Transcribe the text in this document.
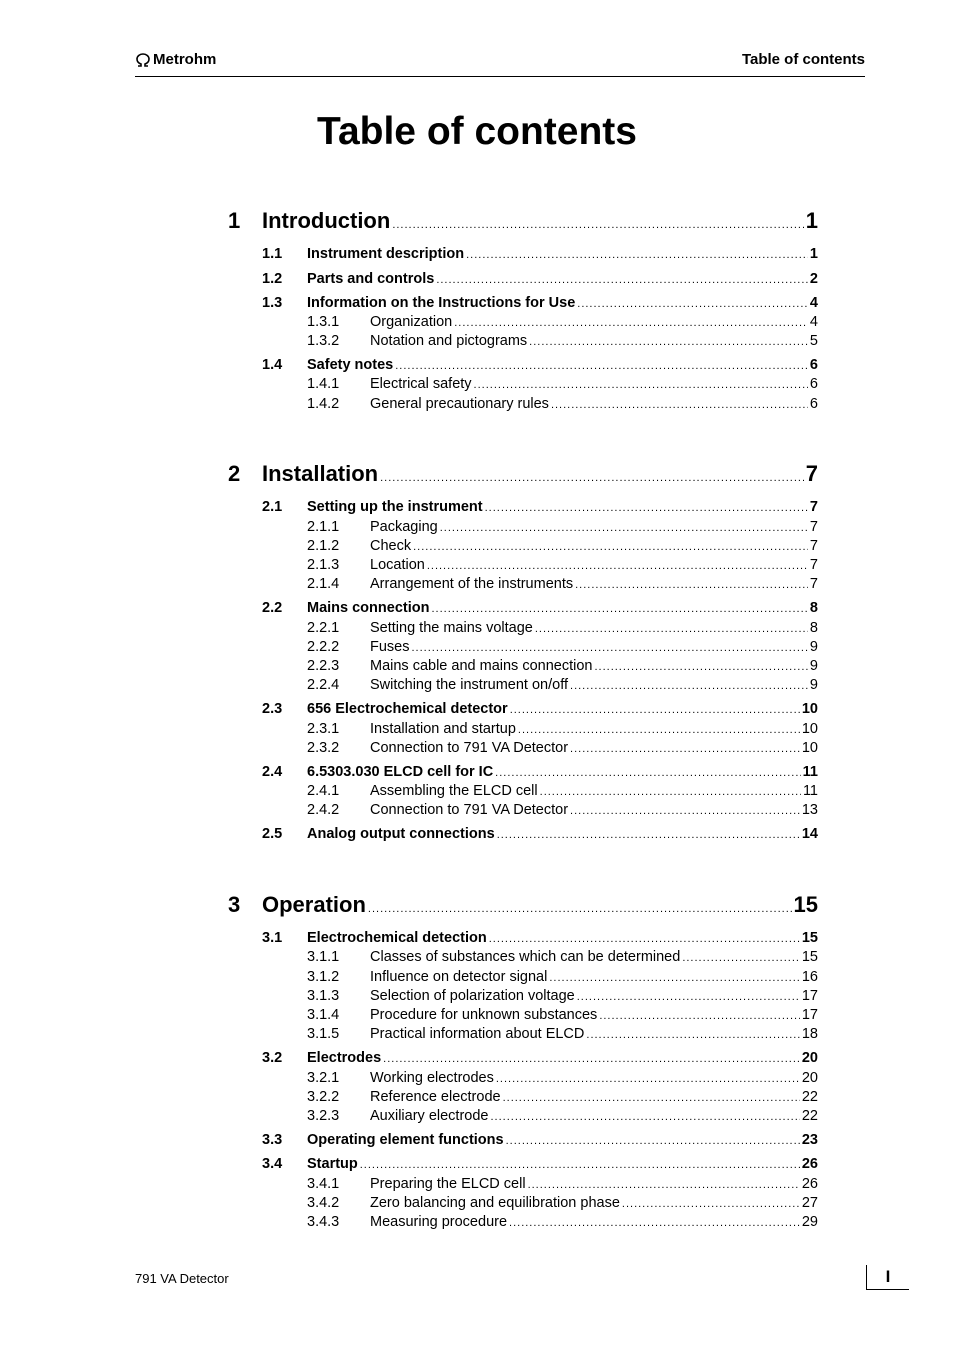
Metrohm	Table of contents
Table of contents
1 Introduction .....	1
1.1	Instrument description .....	1
1.2	Parts and controls .....	2
1.3	Information on the Instructions for Use .....	4
1.3.1	Organization .....	4
1.3.2	Notation and pictograms .....	5
1.4	Safety notes .....	6
1.4.1	Electrical safety .....	6
1.4.2	General precautionary rules .....	6
2 Installation .....	7
2.1	Setting up the instrument .....	7
2.1.1	Packaging .....	7
2.1.2	Check .....	7
2.1.3	Location .....	7
2.1.4	Arrangement of the instruments .....	7
2.2	Mains connection .....	8
2.2.1	Setting the mains voltage .....	8
2.2.2	Fuses .....	9
2.2.3	Mains cable and mains connection .....	9
2.2.4	Switching the instrument on/off .....	9
2.3	656 Electrochemical detector .....	10
2.3.1	Installation and startup .....	10
2.3.2	Connection to 791 VA Detector .....	10
2.4	6.5303.030 ELCD cell for IC .....	11
2.4.1	Assembling the ELCD cell .....	11
2.4.2	Connection to 791 VA Detector .....	13
2.5	Analog output connections .....	14
3 Operation .....	15
3.1	Electrochemical detection .....	15
3.1.1	Classes of substances which can be determined .....	15
3.1.2	Influence on detector signal .....	16
3.1.3	Selection of polarization voltage .....	17
3.1.4	Procedure for unknown substances .....	17
3.1.5	Practical information about ELCD .....	18
3.2	Electrodes .....	20
3.2.1	Working electrodes .....	20
3.2.2	Reference electrode .....	22
3.2.3	Auxiliary electrode .....	22
3.3	Operating element functions .....	23
3.4	Startup .....	26
3.4.1	Preparing the ELCD cell .....	26
3.4.2	Zero balancing and equilibration phase .....	27
3.4.3	Measuring procedure .....	29
791 VA Detector	I
